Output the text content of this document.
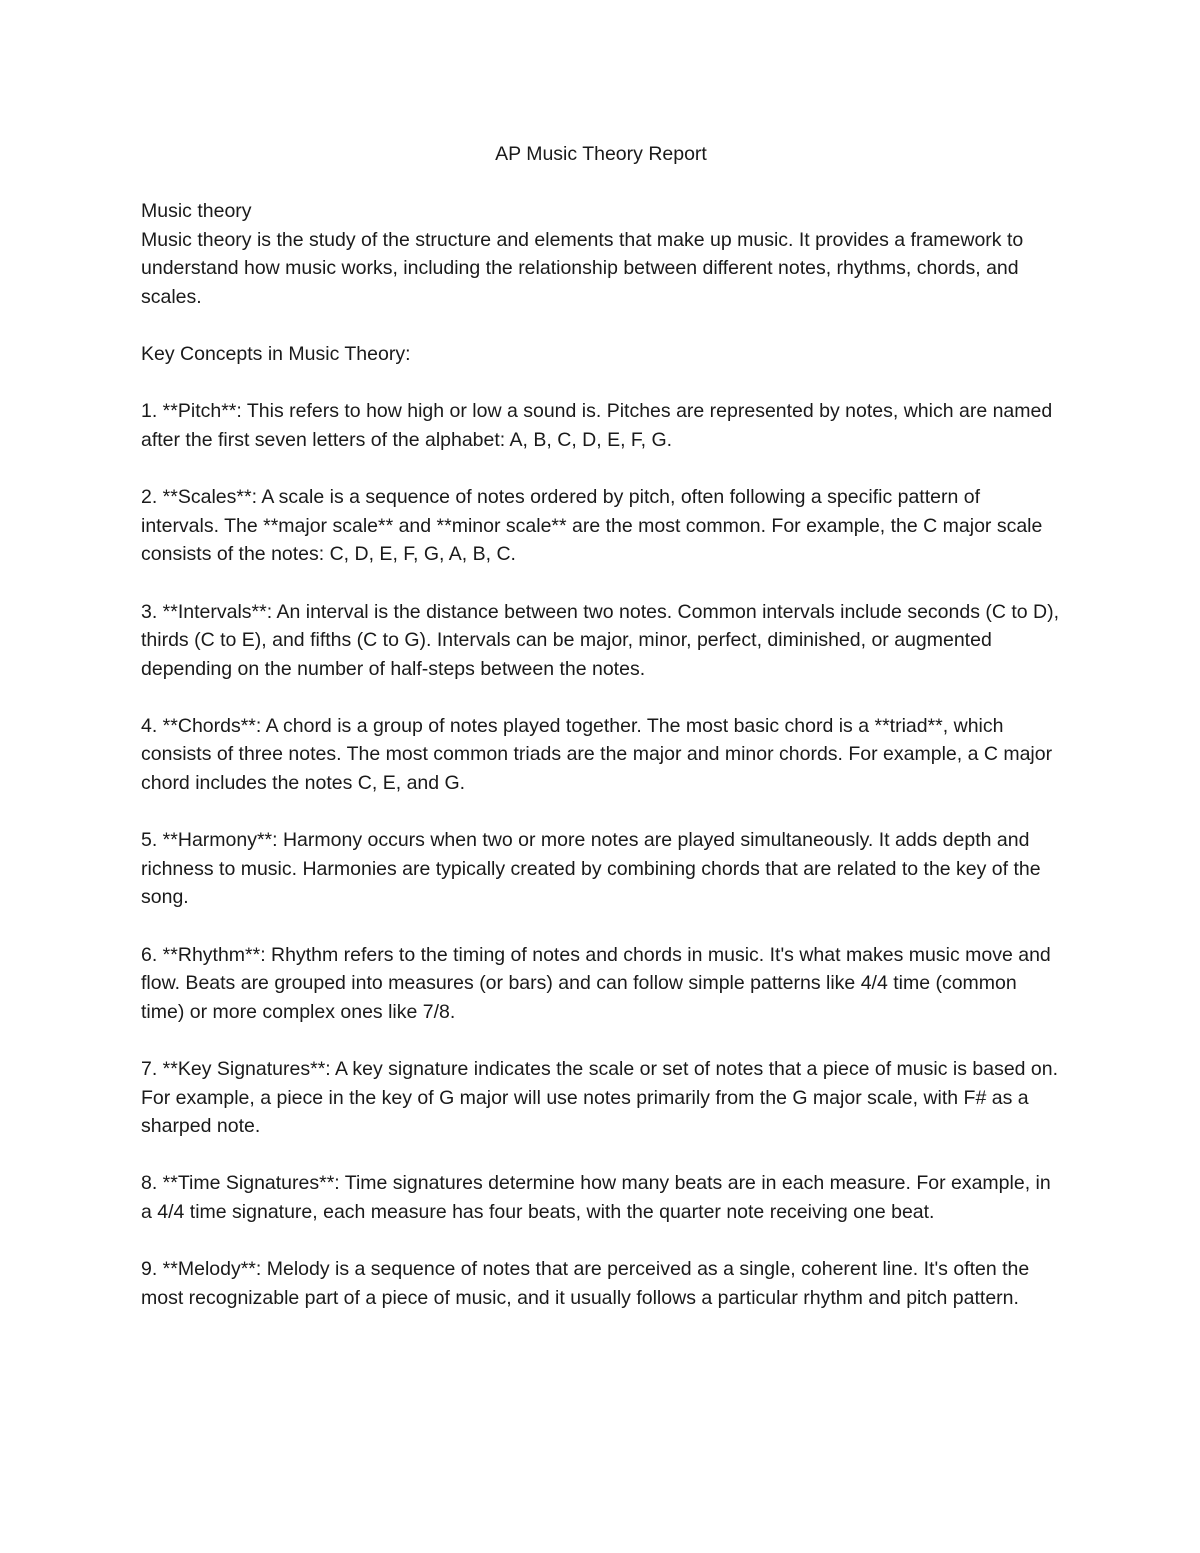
AP Music Theory Report

Music theory

Music theory is the study of the structure and elements that make up music. It provides a framework to understand how music works, including the relationship between different notes, rhythms, chords, and scales.

Key Concepts in Music Theory:

1. **Pitch**: This refers to how high or low a sound is. Pitches are represented by notes, which are named after the first seven letters of the alphabet: A, B, C, D, E, F, G.

2. **Scales**: A scale is a sequence of notes ordered by pitch, often following a specific pattern of intervals. The **major scale** and **minor scale** are the most common. For example, the C major scale consists of the notes: C, D, E, F, G, A, B, C.

3. **Intervals**: An interval is the distance between two notes. Common intervals include seconds (C to D), thirds (C to E), and fifths (C to G). Intervals can be major, minor, perfect, diminished, or augmented depending on the number of half-steps between the notes.

4. **Chords**: A chord is a group of notes played together. The most basic chord is a **triad**, which consists of three notes. The most common triads are the major and minor chords. For example, a C major chord includes the notes C, E, and G.

5. **Harmony**: Harmony occurs when two or more notes are played simultaneously. It adds depth and richness to music. Harmonies are typically created by combining chords that are related to the key of the song.

6. **Rhythm**: Rhythm refers to the timing of notes and chords in music. It's what makes music move and flow. Beats are grouped into measures (or bars) and can follow simple patterns like 4/4 time (common time) or more complex ones like 7/8.

7. **Key Signatures**: A key signature indicates the scale or set of notes that a piece of music is based on. For example, a piece in the key of G major will use notes primarily from the G major scale, with F# as a sharped note.

8. **Time Signatures**: Time signatures determine how many beats are in each measure. For example, in a 4/4 time signature, each measure has four beats, with the quarter note receiving one beat.

9. **Melody**: Melody is a sequence of notes that are perceived as a single, coherent line. It's often the most recognizable part of a piece of music, and it usually follows a particular rhythm and pitch pattern.
